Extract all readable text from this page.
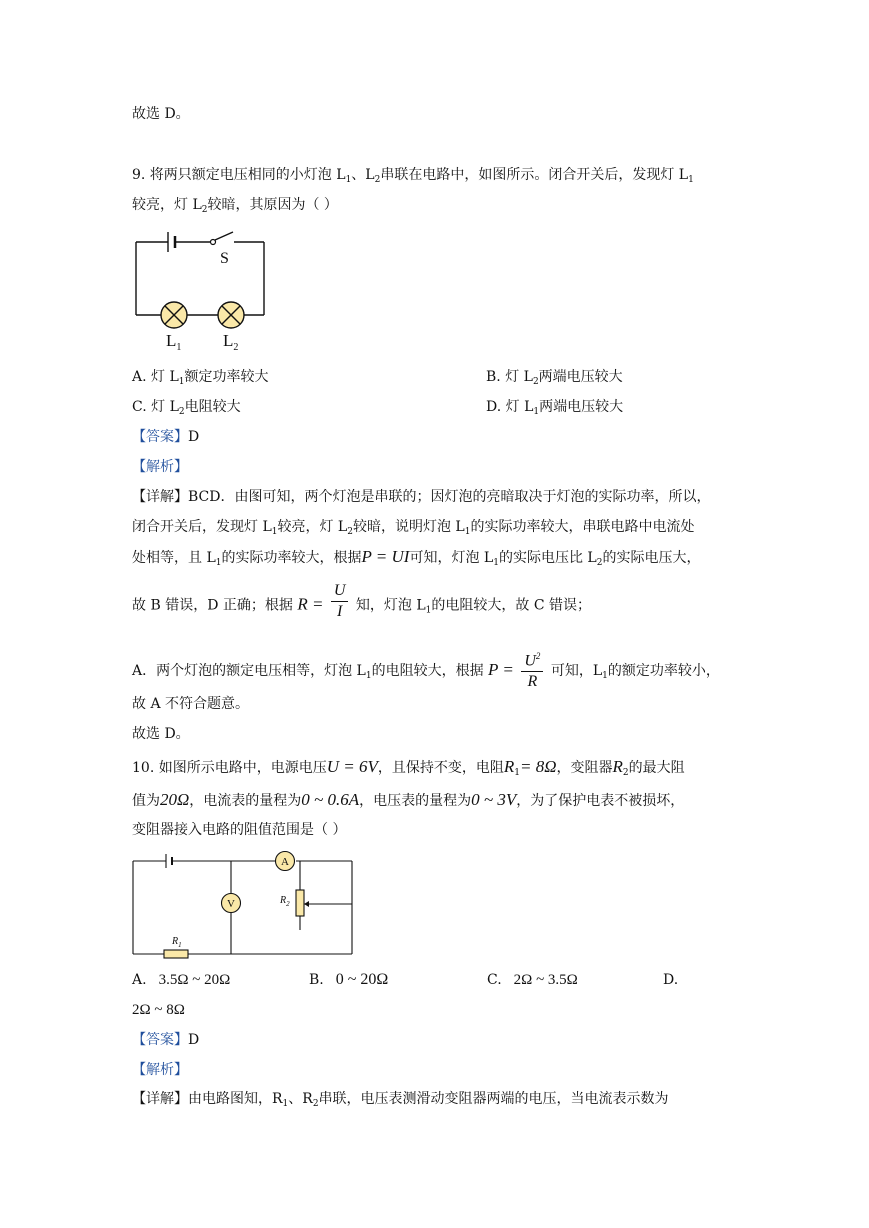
故选 D。
9. 将两只额定电压相同的小灯泡 $L_1$、$L_2$串联在电路中，如图所示。闭合开关后，发现灯 $L_1$
较亮，灯 $L_2$较暗，其原因为（ ）
S
$L_1$ $L_2$
A. 灯 $L_1$额定功率较大	B. 灯 $L_2$两端电压较大
C. 灯 $L_2$电阻较大	D. 灯 $L_1$两端电压较大
【答案】D
【解析】
【详解】BCD．由图可知，两个灯泡是串联的；因灯泡的亮暗取决于灯泡的实际功率，所以，
闭合开关后，发现灯 $L_1$较亮，灯 $L_2$较暗，说明灯泡 $L_1$的实际功率较大，串联电路中电流处
处相等，且 $L_1$的实际功率较大，根据P = UI可知，灯泡 $L_1$的实际电压比 $L_2$的实际电压大，
故 B 错误，D 正确；根据 $R = \frac{U}{I}$ 知，灯泡 $L_1$的电阻较大，故 C 错误；
A．两个灯泡的额定电压相等，灯泡 $L_1$的电阻较大，根据 $P = \frac{U^2}{R}$ 可知，$L_1$的额定功率较小，
故 A 不符合题意。
故选 D。
10. 如图所示电路中，电源电压U = 6V，且保持不变，电阻$R_1= 8\Omega$，变阻器$R_2$的最大阻
值为20Ω，电流表的量程为0 ~ 0.6A，电压表的量程为0 ~ 3V，为了保护电表不被损坏，
变阻器接入电路的阻值范围是（ ）
A
V
$R_1$
$R_2$
A. 3.5Ω ~ 20Ω	B. 0 ~ 20Ω	C. 2Ω ~ 3.5Ω	D.
2Ω ~ 8Ω
【答案】D
【解析】
【详解】由电路图知，$R_1$、$R_2$串联，电压表测滑动变阻器两端的电压，当电流表示数为
